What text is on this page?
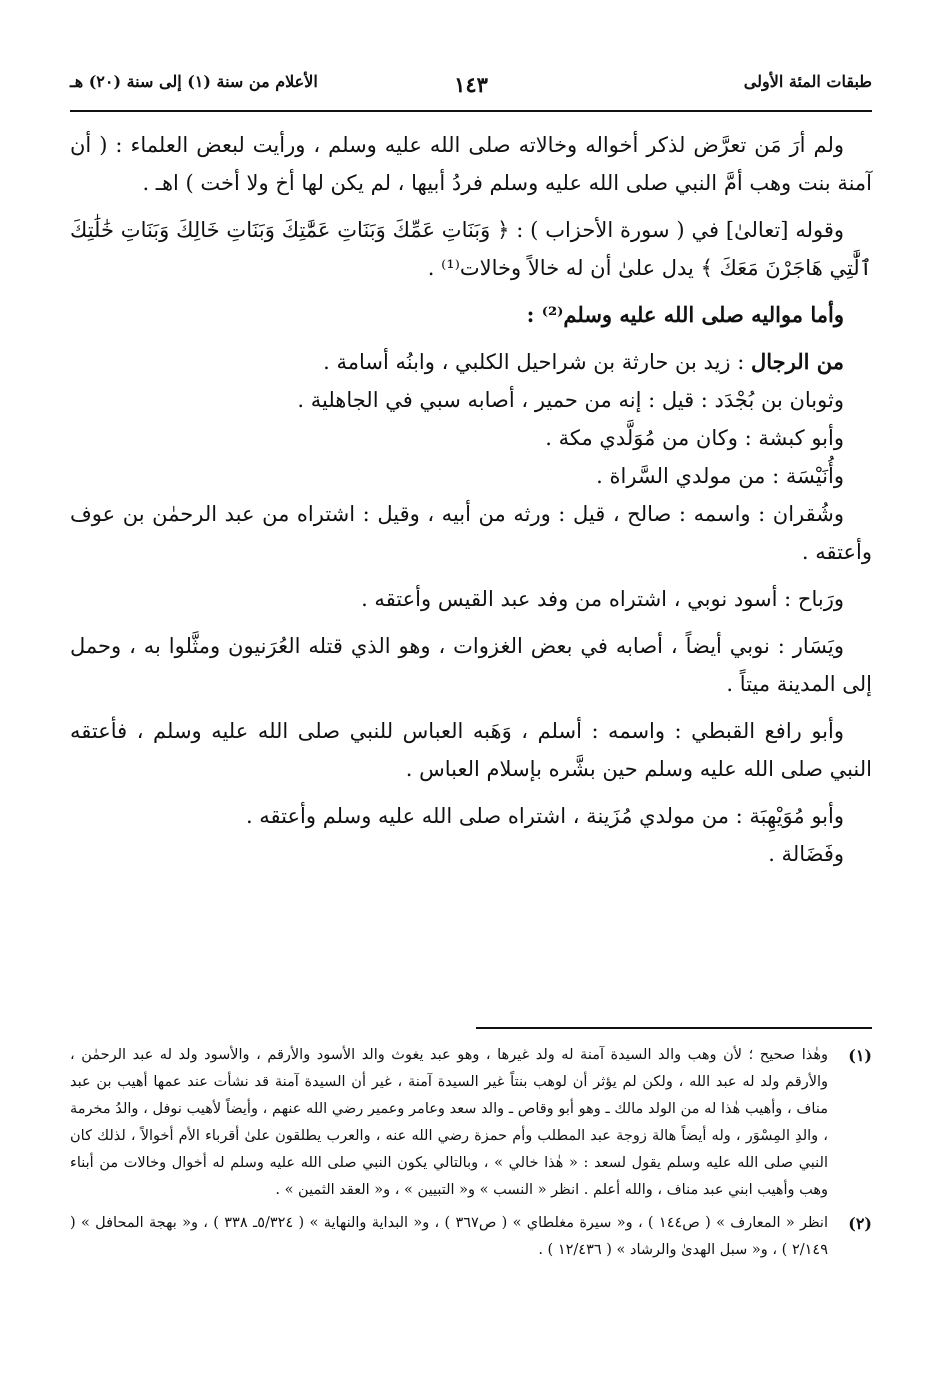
طبقات المئة الأولى
١٤٣
الأعلام من سنة (١) إلى سنة (٢٠) هـ

ولم أرَ مَن تعرَّض لذكر أخواله وخالاته صلى الله عليه وسلم ، ورأيت لبعض العلماء : ( أن آمنة بنت وهب أمَّ النبي صلى الله عليه وسلم فردُ أبيها ، لم يكن لها أخ ولا أخت ) اهـ .

وقوله [تعالىٰ] في ( سورة الأحزاب ) : ﴿ وَبَنَاتِ عَمِّكَ وَبَنَاتِ عَمَّٰتِكَ وَبَنَاتِ خَالِكَ وَبَنَاتِ خَٰلَٰتِكَ ٱلَّٰتِي هَاجَرْنَ مَعَكَ ﴾ يدل علىٰ أن له خالاً وخالات⁽¹⁾ .

وأما مواليه صلى الله عليه وسلم⁽²⁾ :

من الرجال : زيد بن حارثة بن شراحيل الكلبي ، وابنُه أسامة .

وثوبان بن بُجْدَد : قيل : إنه من حمير ، أصابه سبي في الجاهلية .

وأبو كبشة : وكان من مُوَلَّدي مكة .

وأُنَيْسَة : من مولدي السَّراة .

وشُقران : واسمه : صالح ، قيل : ورثه من أبيه ، وقيل : اشتراه من عبد الرحمٰن بن عوف وأعتقه .

ورَباح : أسود نوبي ، اشتراه من وفد عبد القيس وأعتقه .

ويَسَار : نوبي أيضاً ، أصابه في بعض الغزوات ، وهو الذي قتله العُرَنيون ومثَّلوا به ، وحمل إلى المدينة ميتاً .

وأبو رافع القبطي : واسمه : أسلم ، وَهَبه العباس للنبي صلى الله عليه وسلم ، فأعتقه النبي صلى الله عليه وسلم حين بشَّره بإسلام العباس .

وأبو مُوَيْهِبَة : من مولدي مُزَينة ، اشتراه صلى الله عليه وسلم وأعتقه .

وفَضَالة .

(١)
وهٰذا صحيح ؛ لأن وهب والد السيدة آمنة له ولد غيرها ، وهو عبد يغوث والد الأسود والأرقم ، والأسود ولد له عبد الرحمٰن ، والأرقم ولد له عبد الله ، ولكن لم يؤثر أن لوهب بنتاً غير السيدة آمنة ، غير أن السيدة آمنة قد نشأت عند عمها أهيب بن عبد مناف ، وأهيب هٰذا له من الولد مالك ـ وهو أبو وقاص ـ والد سعد وعامر وعمير رضي الله عنهم ، وأيضاً لأهيب نوفل ، والدُ مخرمة ، والدِ المِسْوَر ، وله أيضاً هالة زوجة عبد المطلب وأم حمزة رضي الله عنه ، والعرب يطلقون علىٰ أقرباء الأم أخوالاً ، لذلك كان النبي صلى الله عليه وسلم يقول لسعد : « هٰذا خالي » ، وبالتالي يكون النبي صلى الله عليه وسلم له أخوال وخالات من أبناء وهب وأهيب ابني عبد مناف ، والله أعلم . انظر « النسب » و« التبيين » ، و« العقد الثمين » .
(٢)
انظر « المعارف » ( ص١٤٤ ) ، و« سيرة مغلطاي » ( ص٣٦٧ ) ، و« البداية والنهاية » ( ٥/٣٢٤ـ ٣٣٨ ) ، و« بهجة المحافل » ( ٢/١٤٩ ) ، و« سبل الهدىٰ والرشاد » ( ١٢/٤٣٦ ) .
